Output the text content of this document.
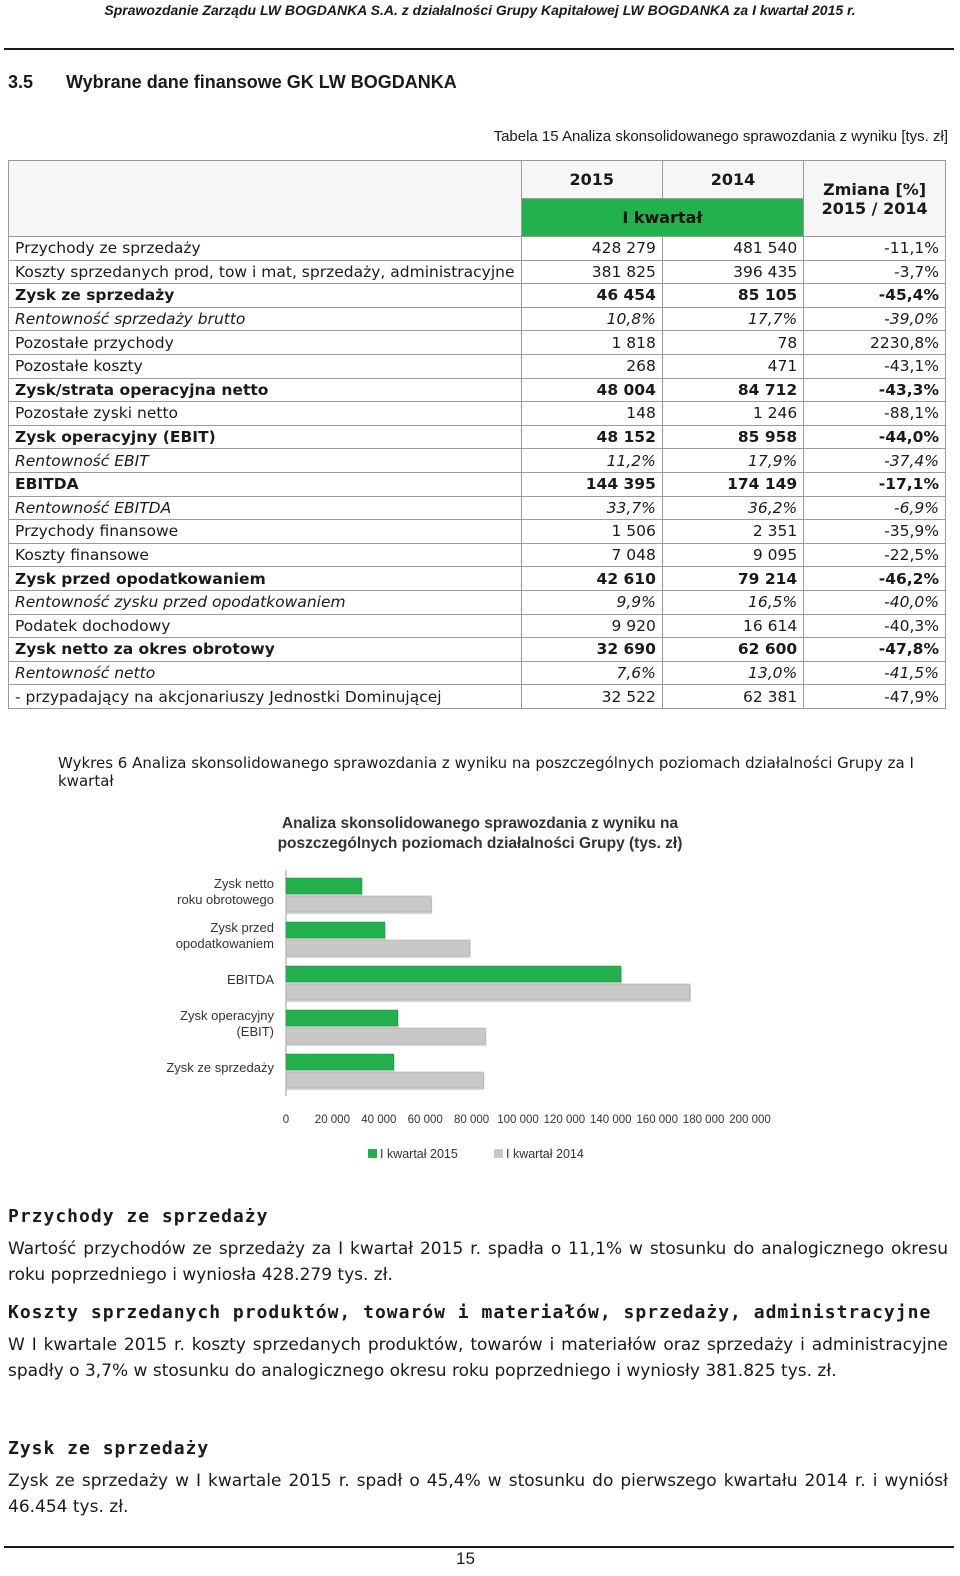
Sprawozdanie Zarządu LW BOGDANKA S.A. z działalności Grupy Kapitałowej LW BOGDANKA za I kwartał 2015 r.
3.5 Wybrane dane finansowe GK LW BOGDANKA
Tabela 15 Analiza skonsolidowanego sprawozdania z wyniku [tys. zł]
	2015	2014	Zmiana [%]
2015 / 2014

	I kwartał		
Przychody ze sprzedaży	428 279	481 540	-11,1%
Koszty sprzedanych prod, tow i mat, sprzedaży, administracyjne	381 825	396 435	-3,7%
Zysk ze sprzedaży	46 454	85 105	-45,4%
Rentowność sprzedaży brutto	10,8%	17,7%	-39,0%
Pozostałe przychody	1 818	78	2230,8%
Pozostałe koszty	268	471	-43,1%
Zysk/strata operacyjna netto	48 004	84 712	-43,3%
Pozostałe zyski netto	148	1 246	-88,1%
Zysk operacyjny (EBIT)	48 152	85 958	-44,0%
Rentowność EBIT	11,2%	17,9%	-37,4%
EBITDA	144 395	174 149	-17,1%
Rentowność EBITDA	33,7%	36,2%	-6,9%
Przychody finansowe	1 506	2 351	-35,9%
Koszty finansowe	7 048	9 095	-22,5%
Zysk przed opodatkowaniem	42 610	79 214	-46,2%
Rentowność zysku przed opodatkowaniem	9,9%	16,5%	-40,0%
Podatek dochodowy	9 920	16 614	-40,3%
Zysk netto za okres obrotowy	32 690	62 600	-47,8%
Rentowność netto	7,6%	13,0%	-41,5%
- przypadający na akcjonariuszy Jednostki Dominującej	32 522	62 381	-47,9%
Wykres 6 Analiza skonsolidowanego sprawozdania z wyniku na poszczególnych poziomach działalności Grupy za I kwartał
Analiza skonsolidowanego sprawozdania z wyniku na
poszczególnych poziomach działalności Grupy (tys. zł)
Zysk netto
roku obrotowego
Zysk przed
opodatkowaniem
EBITDA
Zysk operacyjny
(EBIT)
Zysk ze sprzedaży
0 20 000 40 000 60 000 80 000 100 000 120 000 140 000 160 000 180 000 200 000
I kwartał 2015	I kwartał 2014
Przychody ze sprzedaży
Wartość przychodów ze sprzedaży za I kwartał 2015 r. spadła o 11,1% w stosunku do analogicznego okresu roku poprzedniego i wyniosła 428.279 tys. zł.
Koszty sprzedanych produktów, towarów i materiałów, sprzedaży, administracyjne
W I kwartale 2015 r. koszty sprzedanych produktów, towarów i materiałów oraz sprzedaży i administracyjne spadły o 3,7% w stosunku do analogicznego okresu roku poprzedniego i wyniosły 381.825 tys. zł.
Zysk ze sprzedaży
Zysk ze sprzedaży w I kwartale 2015 r. spadł o 45,4% w stosunku do pierwszego kwartału 2014 r. i wyniósł 46.454 tys. zł.
15
